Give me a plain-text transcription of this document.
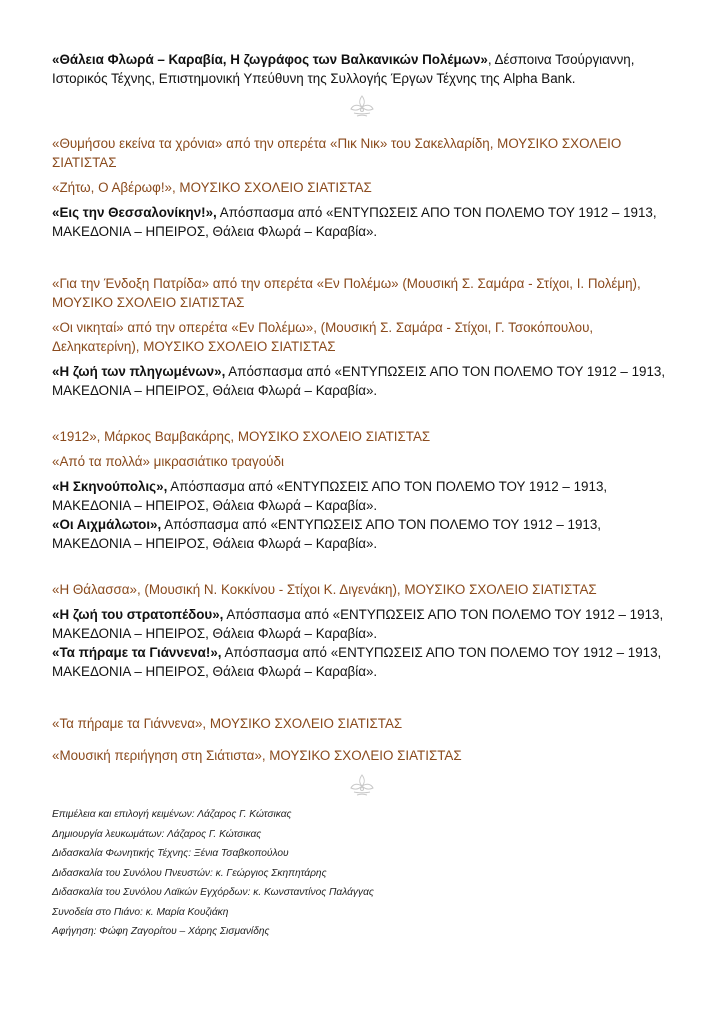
«Θάλεια Φλωρά – Καραβία, Η ζωγράφος των Βαλκανικών Πολέμων», Δέσποινα Τσούργιαννη, Ιστορικός Τέχνης, Επιστημονική Υπεύθυνη της Συλλογής Έργων Τέχνης της Alpha Bank.
«Θυμήσου εκείνα τα χρόνια» από την οπερέτα «Πικ Νικ» του Σακελλαρίδη, ΜΟΥΣΙΚΟ ΣΧΟΛΕΙΟ ΣΙΑΤΙΣΤΑΣ
«Ζήτω, Ο Αβέρωφ!», ΜΟΥΣΙΚΟ ΣΧΟΛΕΙΟ ΣΙΑΤΙΣΤΑΣ
«Εις την Θεσσαλονίκην!», Απόσπασμα από «ΕΝΤΥΠΩΣΕΙΣ ΑΠΟ ΤΟΝ ΠΟΛΕΜΟ ΤΟΥ 1912 – 1913, ΜΑΚΕΔΟΝΙΑ – ΗΠΕΙΡΟΣ, Θάλεια Φλωρά – Καραβία».
«Για την Ένδοξη Πατρίδα» από την οπερέτα «Εν Πολέμω» (Μουσική Σ. Σαμάρα - Στίχοι, Ι. Πολέμη), ΜΟΥΣΙΚΟ ΣΧΟΛΕΙΟ ΣΙΑΤΙΣΤΑΣ
«Οι νικηταί» από την οπερέτα «Εν Πολέμω», (Μουσική Σ. Σαμάρα - Στίχοι, Γ. Τσοκόπουλου, Δεληκατερίνη), ΜΟΥΣΙΚΟ ΣΧΟΛΕΙΟ ΣΙΑΤΙΣΤΑΣ
«Η ζωή των πληγωμένων», Απόσπασμα από «ΕΝΤΥΠΩΣΕΙΣ ΑΠΟ ΤΟΝ ΠΟΛΕΜΟ ΤΟΥ 1912 – 1913, ΜΑΚΕΔΟΝΙΑ – ΗΠΕΙΡΟΣ, Θάλεια Φλωρά – Καραβία».
«1912», Μάρκος Βαμβακάρης, ΜΟΥΣΙΚΟ ΣΧΟΛΕΙΟ ΣΙΑΤΙΣΤΑΣ
«Από τα πολλά» μικρασιάτικο τραγούδι
«Η Σκηνούπολις», Απόσπασμα από «ΕΝΤΥΠΩΣΕΙΣ ΑΠΟ ΤΟΝ ΠΟΛΕΜΟ ΤΟΥ 1912 – 1913, ΜΑΚΕΔΟΝΙΑ – ΗΠΕΙΡΟΣ, Θάλεια Φλωρά – Καραβία».
«Οι Αιχμάλωτοι», Απόσπασμα από «ΕΝΤΥΠΩΣΕΙΣ ΑΠΟ ΤΟΝ ΠΟΛΕΜΟ ΤΟΥ 1912 – 1913, ΜΑΚΕΔΟΝΙΑ – ΗΠΕΙΡΟΣ, Θάλεια Φλωρά – Καραβία».
«Η Θάλασσα», (Μουσική Ν. Κοκκίνου - Στίχοι Κ. Διγενάκη), ΜΟΥΣΙΚΟ ΣΧΟΛΕΙΟ ΣΙΑΤΙΣΤΑΣ
«Η ζωή του στρατοπέδου», Απόσπασμα από «ΕΝΤΥΠΩΣΕΙΣ ΑΠΟ ΤΟΝ ΠΟΛΕΜΟ ΤΟΥ 1912 – 1913, ΜΑΚΕΔΟΝΙΑ – ΗΠΕΙΡΟΣ, Θάλεια Φλωρά – Καραβία».
«Τα πήραμε τα Γιάννενα!», Απόσπασμα από «ΕΝΤΥΠΩΣΕΙΣ ΑΠΟ ΤΟΝ ΠΟΛΕΜΟ ΤΟΥ 1912 – 1913, ΜΑΚΕΔΟΝΙΑ – ΗΠΕΙΡΟΣ, Θάλεια Φλωρά – Καραβία».
«Τα πήραμε τα Γιάννενα», ΜΟΥΣΙΚΟ ΣΧΟΛΕΙΟ ΣΙΑΤΙΣΤΑΣ
«Μουσική περιήγηση στη Σιάτιστα», ΜΟΥΣΙΚΟ ΣΧΟΛΕΙΟ ΣΙΑΤΙΣΤΑΣ
Επιμέλεια και επιλογή κειμένων: Λάζαρος Γ. Κώτσικας
Δημιουργία λευκωμάτων: Λάζαρος Γ. Κώτσικας
Διδασκαλία Φωνητικής Τέχνης: Ξένια Τσαβκοπούλου
Διδασκαλία του Συνόλου Πνευστών: κ. Γεώργιος Σκηπητάρης
Διδασκαλία του Συνόλου Λαϊκών Εγχόρδων: κ. Κωνσταντίνος Παλάγγας
Συνοδεία στο Πιάνο: κ. Μαρία Κουζιάκη
Αφήγηση: Φώφη Ζαγορίτου – Χάρης Σισμανίδης
